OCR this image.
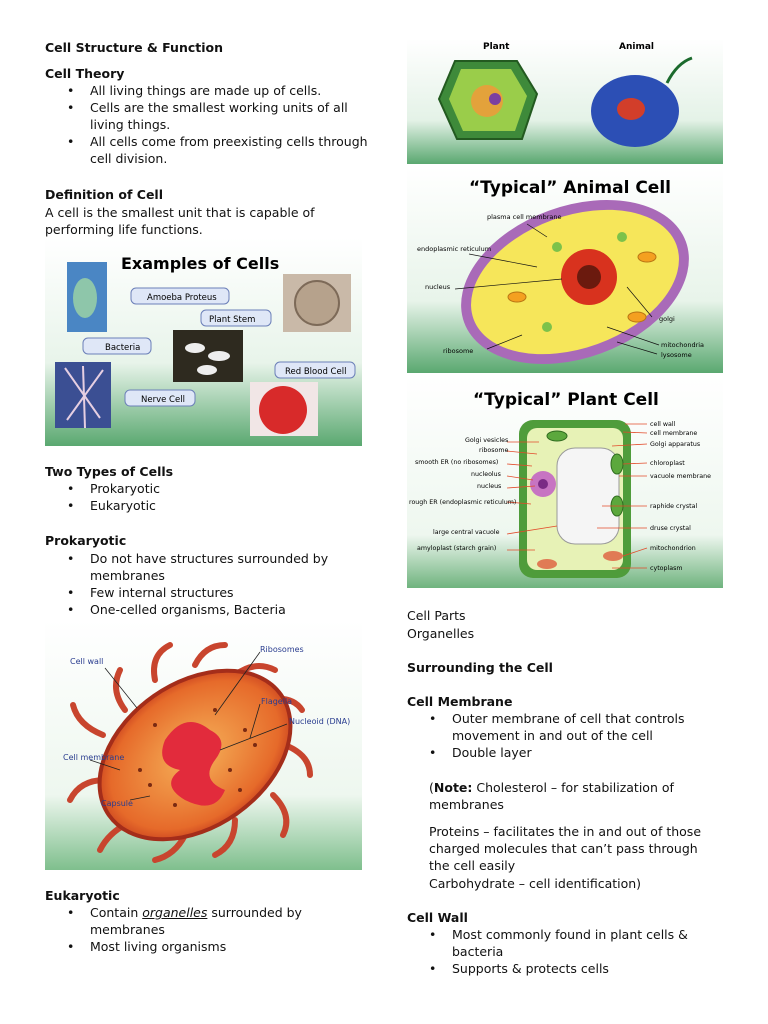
Cell Structure & Function
Cell Theory
• All living things are made up of cells.
• Cells are the smallest working units of all living things.
• All cells come from preexisting cells through cell division.
Definition of Cell
A cell is the smallest unit that is capable of performing life functions.
Examples of Cells
Amoeba Proteus
Plant Stem
Bacteria
Red Blood Cell
Nerve Cell
Two Types of Cells
• Prokaryotic
• Eukaryotic
Prokaryotic
• Do not have structures surrounded by membranes
• Few internal structures
• One-celled organisms, Bacteria
Cell wall
Ribosomes
Flagella
Nucleoid (DNA)
Cell membrane
Capsule
Eukaryotic
• Contain organelles surrounded by membranes
• Most living organisms
Plant	Animal
“Typical” Animal Cell
plasma cell membrane
endoplasmic reticulum
nucleus
golgi
ribosome
mitochondria
lysosome
“Typical” Plant Cell
Golgi vesicles
ribosome
smooth ER (no ribosomes)
nucleolus
nucleus
rough ER (endoplasmic reticulum)
large central vacuole
amyloplast (starch grain)
cell wall
cell membrane
Golgi apparatus
chloroplast
vacuole membrane
raphide crystal
druse crystal
mitochondrion
cytoplasm
Cell Parts
Organelles
Surrounding the Cell
Cell Membrane
• Outer membrane of cell that controls movement in and out of the cell
• Double layer
(Note: Cholesterol – for stabilization of membranes
Proteins – facilitates the in and out of those charged molecules that can’t pass through the cell easily
Carbohydrate – cell identification)
Cell Wall
• Most commonly found in plant cells & bacteria
• Supports & protects cells
